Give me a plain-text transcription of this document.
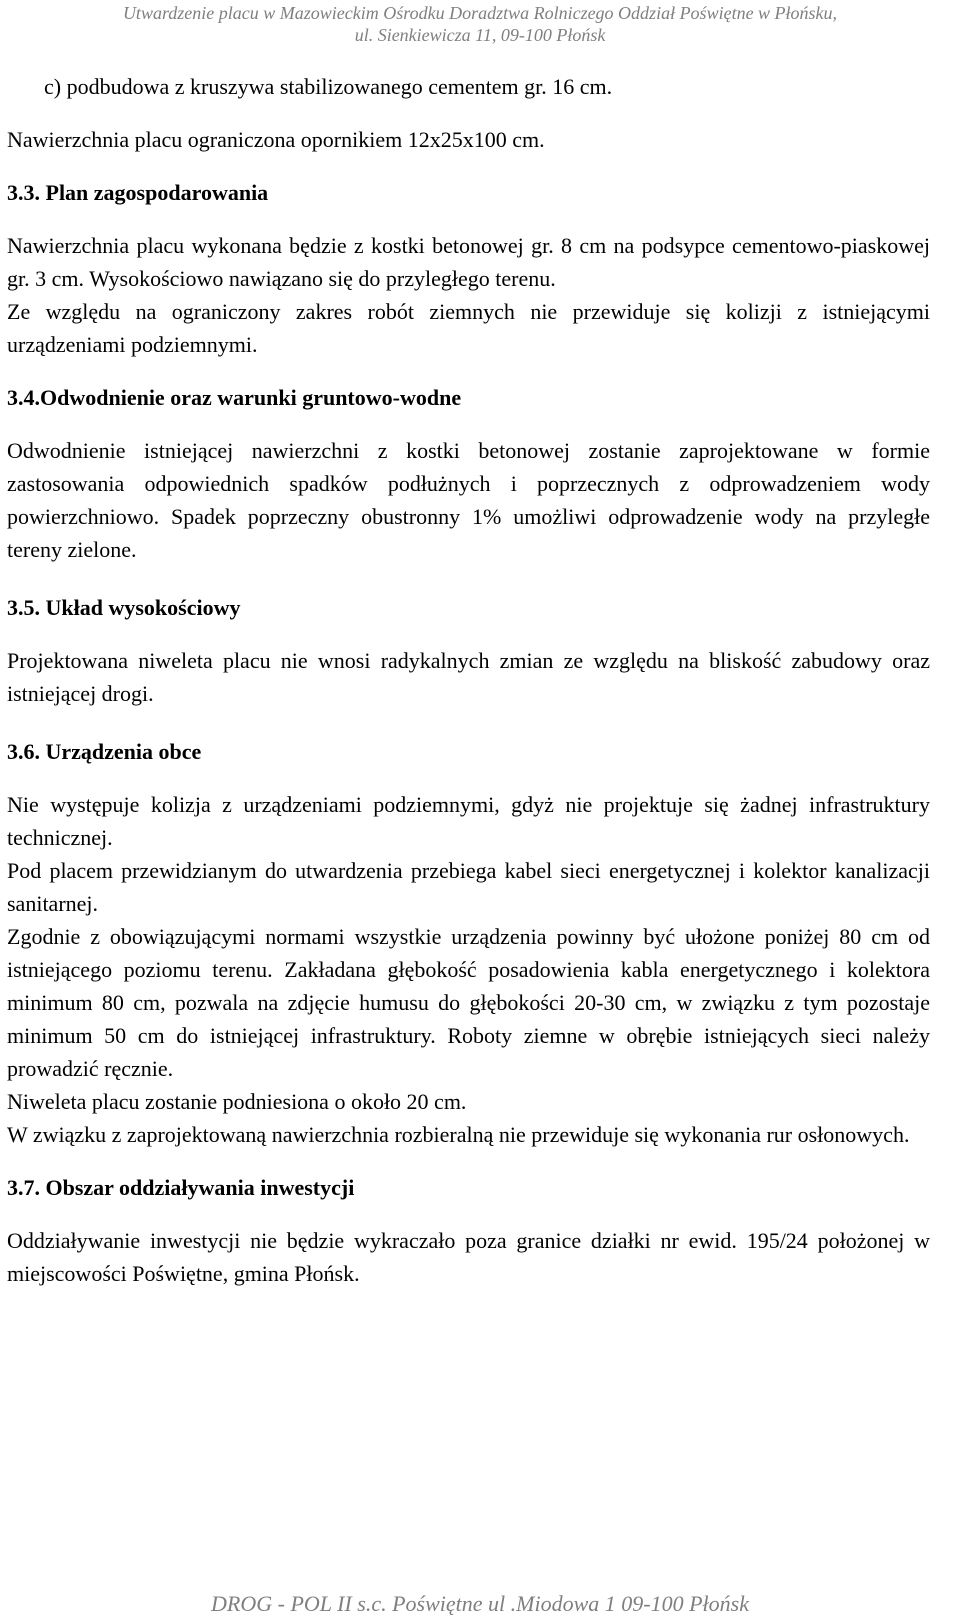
Utwardzenie placu w Mazowieckim Ośrodku Doradztwa Rolniczego Oddział Poświętne w Płońsku,
ul. Sienkiewicza 11, 09-100 Płońsk
c) podbudowa z kruszywa stabilizowanego cementem gr. 16 cm.
Nawierzchnia placu ograniczona opornikiem 12x25x100 cm.
3.3. Plan zagospodarowania

Nawierzchnia placu wykonana będzie z kostki betonowej gr. 8 cm na podsypce cementowo-piaskowej gr. 3 cm. Wysokościowo nawiązano się do przyległego terenu.

Ze względu na ograniczony zakres robót ziemnych nie przewiduje się kolizji z istniejącymi urządzeniami podziemnymi.

3.4.Odwodnienie oraz warunki gruntowo-wodne

Odwodnienie istniejącej nawierzchni z kostki betonowej zostanie zaprojektowane w formie zastosowania odpowiednich spadków podłużnych i poprzecznych z odprowadzeniem wody powierzchniowo. Spadek poprzeczny obustronny 1% umożliwi odprowadzenie wody na przyległe tereny zielone.

3.5. Układ wysokościowy

Projektowana niweleta placu nie wnosi radykalnych zmian ze względu na bliskość zabudowy oraz istniejącej drogi.

3.6. Urządzenia obce

Nie występuje kolizja z urządzeniami podziemnymi, gdyż nie projektuje się żadnej infrastruktury technicznej.

Pod placem przewidzianym do utwardzenia przebiega kabel sieci energetycznej i kolektor kanalizacji sanitarnej.

Zgodnie z obowiązującymi normami wszystkie urządzenia powinny być ułożone poniżej 80 cm od istniejącego poziomu terenu. Zakładana głębokość posadowienia kabla energetycznego i kolektora minimum 80 cm, pozwala na zdjęcie humusu do głębokości 20-30 cm, w związku z tym pozostaje minimum 50 cm do istniejącej infrastruktury. Roboty ziemne w obrębie istniejących sieci należy prowadzić ręcznie.

Niweleta placu zostanie podniesiona o około 20 cm.

W związku z zaprojektowaną nawierzchnia rozbieralną nie przewiduje się wykonania rur osłonowych.

3.7. Obszar oddziaływania inwestycji

Oddziaływanie inwestycji nie będzie wykraczało poza granice działki nr ewid. 195/24 położonej w miejscowości Poświętne, gmina Płońsk.

DROG - POL II s.c. Poświętne ul .Miodowa 1 09-100 Płońsk
